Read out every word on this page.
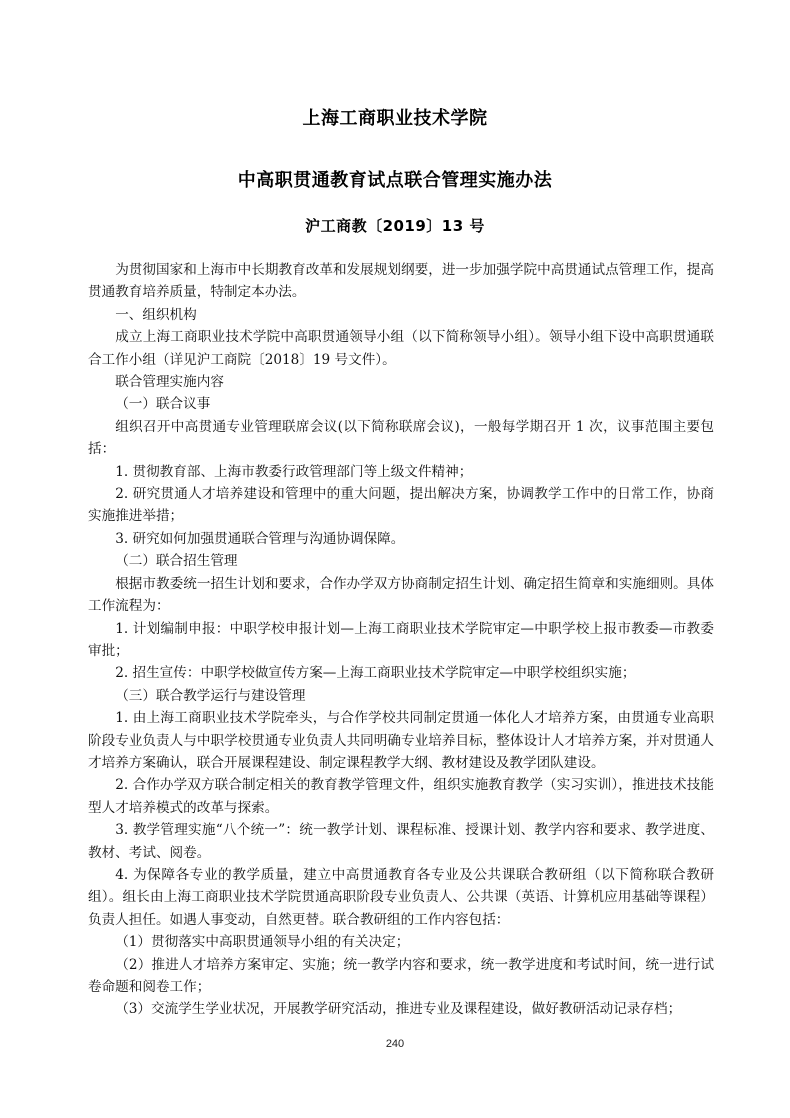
上海工商职业技术学院
中高职贯通教育试点联合管理实施办法
沪工商教〔2019〕13 号

为贯彻国家和上海市中长期教育改革和发展规划纲要，进一步加强学院中高贯通试点管理工作，提高贯通教育培养质量，特制定本办法。

一、组织机构

成立上海工商职业技术学院中高职贯通领导小组（以下简称领导小组）。领导小组下设中高职贯通联合工作小组（详见沪工商院〔2018〕19 号文件）。

联合管理实施内容

（一）联合议事

组织召开中高贯通专业管理联席会议(以下简称联席会议)，一般每学期召开 1 次，议事范围主要包括：

1. 贯彻教育部、上海市教委行政管理部门等上级文件精神；

2. 研究贯通人才培养建设和管理中的重大问题，提出解决方案，协调教学工作中的日常工作，协商实施推进举措；

3. 研究如何加强贯通联合管理与沟通协调保障。

（二）联合招生管理

根据市教委统一招生计划和要求，合作办学双方协商制定招生计划、确定招生简章和实施细则。具体工作流程为：

1. 计划编制申报：中职学校申报计划—上海工商职业技术学院审定—中职学校上报市教委—市教委审批；

2. 招生宣传：中职学校做宣传方案—上海工商职业技术学院审定—中职学校组织实施；

（三）联合教学运行与建设管理

1. 由上海工商职业技术学院牵头，与合作学校共同制定贯通一体化人才培养方案，由贯通专业高职阶段专业负责人与中职学校贯通专业负责人共同明确专业培养目标，整体设计人才培养方案，并对贯通人才培养方案确认，联合开展课程建设、制定课程教学大纲、教材建设及教学团队建设。

2. 合作办学双方联合制定相关的教育教学管理文件，组织实施教育教学（实习实训），推进技术技能型人才培养模式的改革与探索。

3. 教学管理实施“八个统一”：统一教学计划、课程标准、授课计划、教学内容和要求、教学进度、教材、考试、阅卷。

4. 为保障各专业的教学质量，建立中高贯通教育各专业及公共课联合教研组（以下简称联合教研组）。组长由上海工商职业技术学院贯通高职阶段专业负责人、公共课（英语、计算机应用基础等课程）负责人担任。如遇人事变动，自然更替。联合教研组的工作内容包括：

（1）贯彻落实中高职贯通领导小组的有关决定；

（2）推进人才培养方案审定、实施；统一教学内容和要求，统一教学进度和考试时间，统一进行试卷命题和阅卷工作；

（3）交流学生学业状况，开展教学研究活动，推进专业及课程建设，做好教研活动记录存档；

240
